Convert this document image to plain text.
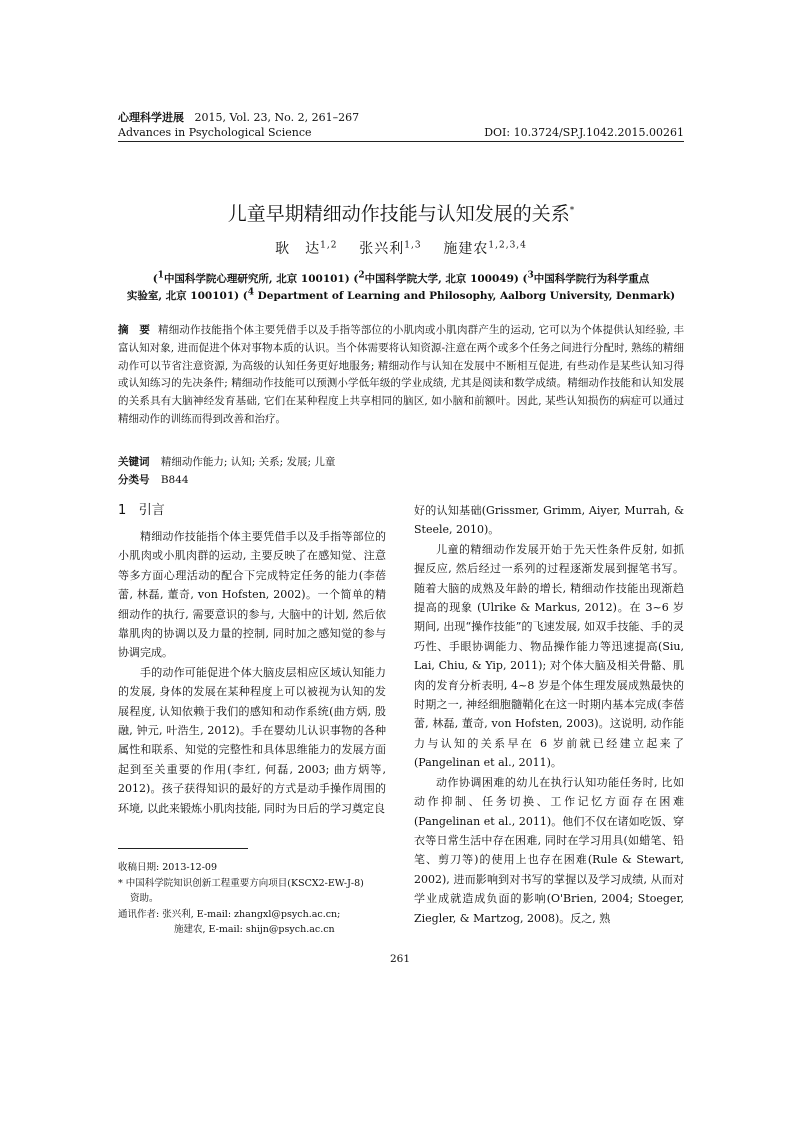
心理科学进展 2015, Vol. 23, No. 2, 261–267
Advances in Psychological Science	DOI: 10.3724/SP.J.1042.2015.00261
儿童早期精细动作技能与认知发展的关系*
耿　达$^{1,2}$ 张兴利$^{1,3}$ 施建农$^{1,2,3,4}$
($^1$中国科学院心理研究所, 北京 100101) ($^2$中国科学院大学, 北京 100049) ($^3$中国科学院行为科学重点
实验室, 北京 100101) ($^4$ Department of Learning and Philosophy, Aalborg University, Denmark)
摘　要 精细动作技能指个体主要凭借手以及手指等部位的小肌肉或小肌肉群产生的运动, 它可以为个体提供认知经验, 丰富认知对象, 进而促进个体对事物本质的认识。当个体需要将认知资源-注意在两个或多个任务之间进行分配时, 熟练的精细动作可以节省注意资源, 为高级的认知任务更好地服务; 精细动作与认知在发展中不断相互促进, 有些动作是某些认知习得或认知练习的先决条件; 精细动作技能可以预测小学低年级的学业成绩, 尤其是阅读和数学成绩。精细动作技能和认知发展的关系具有大脑神经发育基础, 它们在某种程度上共享相同的脑区, 如小脑和前额叶。因此, 某些认知损伤的病症可以通过精细动作的训练而得到改善和治疗。
关键词 精细动作能力; 认知; 关系; 发展; 儿童
分类号 B844
1 引言

精细动作技能指个体主要凭借手以及手指等部位的小肌肉或小肌肉群的运动, 主要反映了在感知觉、注意等多方面心理活动的配合下完成特定任务的能力(李蓓蕾, 林磊, 董奇, von Hofsten, 2002)。一个简单的精细动作的执行, 需要意识的参与, 大脑中的计划, 然后依靠肌肉的协调以及力量的控制, 同时加之感知觉的参与协调完成。

手的动作可能促进个体大脑皮层相应区域认知能力的发展, 身体的发展在某种程度上可以被视为认知的发展程度, 认知依赖于我们的感知和动作系统(曲方炳, 殷融, 钟元, 叶浩生, 2012)。手在婴幼儿认识事物的各种属性和联系、知觉的完整性和具体思维能力的发展方面起到至关重要的作用(李红, 何磊, 2003; 曲方炳等, 2012)。孩子获得知识的最好的方式是动手操作周围的环境, 以此来锻炼小肌肉技能, 同时为日后的学习奠定良

好的认知基础(Grissmer, Grimm, Aiyer, Murrah, & Steele, 2010)。

儿童的精细动作发展开始于先天性条件反射, 如抓握反应, 然后经过一系列的过程逐渐发展到握笔书写。随着大脑的成熟及年龄的增长, 精细动作技能出现渐趋提高的现象 (Ulrike & Markus, 2012)。在 3~6 岁期间, 出现“操作技能”的飞速发展, 如双手技能、手的灵巧性、手眼协调能力、物品操作能力等迅速提高(Siu, Lai, Chiu, & Yip, 2011); 对个体大脑及相关骨骼、肌肉的发育分析表明, 4~8 岁是个体生理发展成熟最快的时期之一, 神经细胞髓鞘化在这一时期内基本完成(李蓓蕾, 林磊, 董奇, von Hofsten, 2003)。这说明, 动作能力与认知的关系早在 6 岁前就已经建立起来了(Pangelinan et al., 2011)。

动作协调困难的幼儿在执行认知功能任务时, 比如动作抑制、任务切换、工作记忆方面存在困难(Pangelinan et al., 2011)。他们不仅在诸如吃饭、穿衣等日常生活中存在困难, 同时在学习用具(如蜡笔、铅笔、剪刀等)的使用上也存在困难(Rule & Stewart, 2002), 进而影响到对书写的掌握以及学习成绩, 从而对学业成就造成负面的影响(O'Brien, 2004; Stoeger, Ziegler, & Martzog, 2008)。反之, 熟

收稿日期: 2013-12-09
* 中国科学院知识创新工程重要方向项目(KSCX2-EW-J-8)
资助。
通讯作者: 张兴利, E-mail: zhangxl@psych.ac.cn;
施建农, E-mail: shijn@psych.ac.cn
261
